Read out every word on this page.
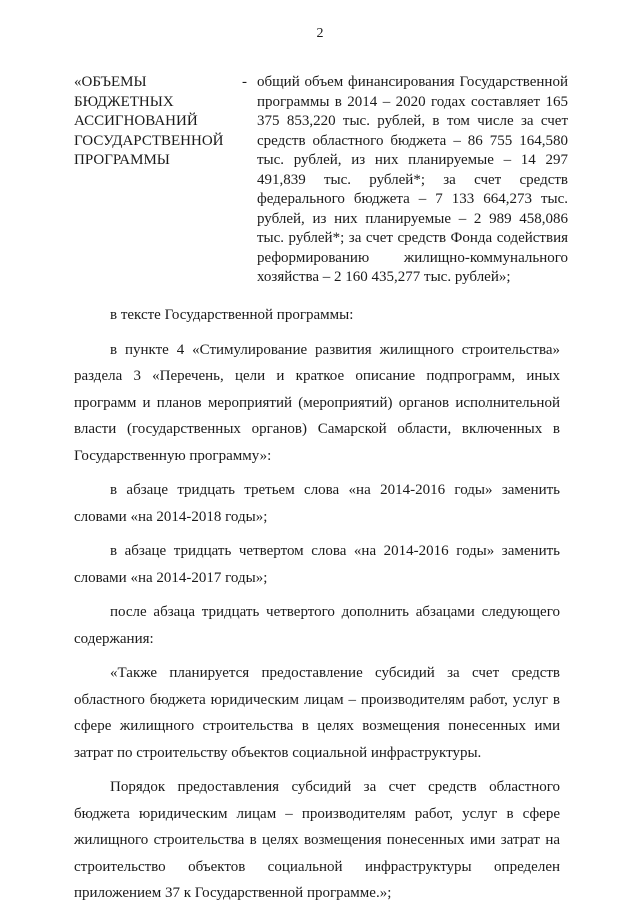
2
«ОБЪЕМЫ
БЮДЖЕТНЫХ
АССИГНОВАНИЙ
ГОСУДАРСТВЕННОЙ
ПРОГРАММЫ
- общий объем финансирования Государственной программы в 2014 – 2020 годах составляет 165 375 853,220 тыс. рублей, в том числе за счет средств областного бюджета – 86 755 164,580 тыс. рублей, из них планируемые – 14 297 491,839 тыс. рублей*; за счет средств федерального бюджета – 7 133 664,273 тыс. рублей, из них планируемые – 2 989 458,086 тыс. рублей*; за счет средств Фонда содействия реформированию жилищно-коммунального хозяйства – 2 160 435,277 тыс. рублей»;

в тексте Государственной программы:

в пункте 4 «Стимулирование развития жилищного строительства» раздела 3 «Перечень, цели и краткое описание подпрограмм, иных программ и планов мероприятий (мероприятий) органов исполнительной власти (государственных органов) Самарской области, включенных в Государственную программу»:

в абзаце тридцать третьем слова «на 2014-2016 годы» заменить словами «на 2014-2018 годы»;

в абзаце тридцать четвертом слова «на 2014-2016 годы» заменить словами «на 2014-2017 годы»;

после абзаца тридцать четвертого дополнить абзацами следующего содержания:

«Также планируется предоставление субсидий за счет средств областного бюджета юридическим лицам – производителям работ, услуг в сфере жилищного строительства в целях возмещения понесенных ими затрат по строительству объектов социальной инфраструктуры.

Порядок предоставления субсидий за счет средств областного бюджета юридическим лицам – производителям работ, услуг в сфере жилищного строительства в целях возмещения понесенных ими затрат на строительство объектов социальной инфраструктуры определен приложением 37 к Государственной программе.»;
